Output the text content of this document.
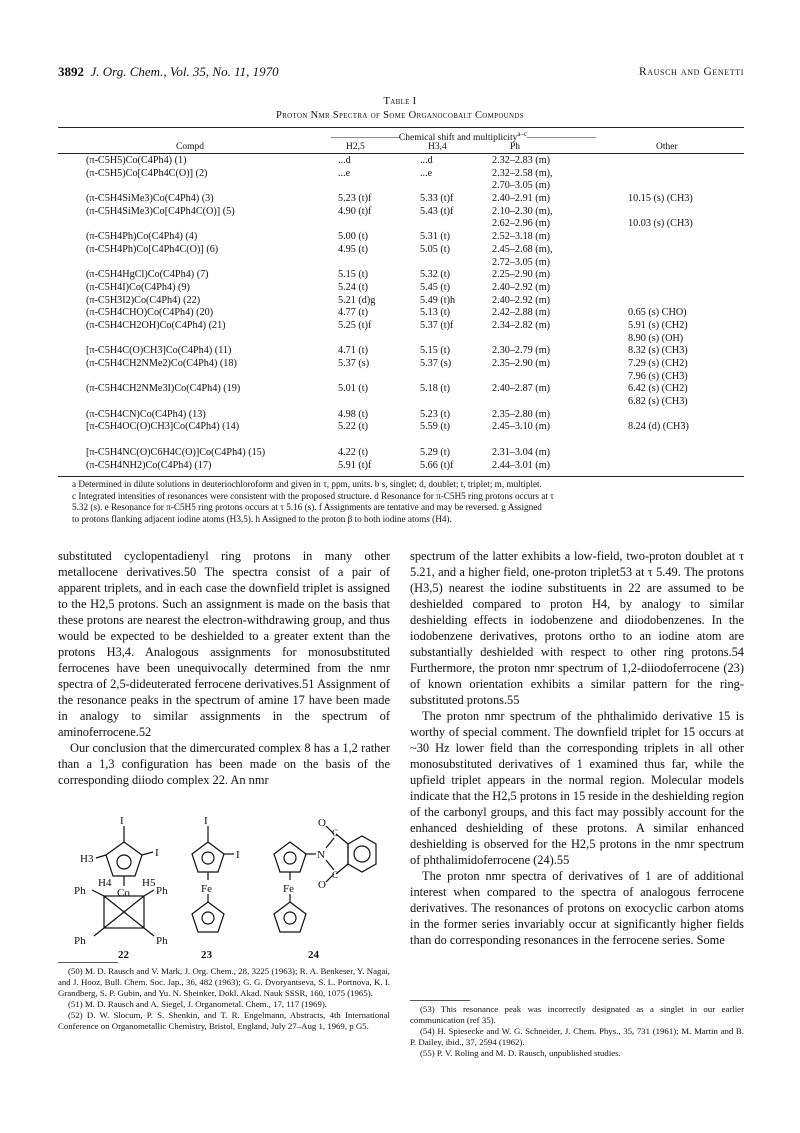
3892 J. Org. Chem., Vol. 35, No. 11, 1970	Rausch and Genetti
Table I
Proton Nmr Spectra of Some Organocobalt Compounds
————————Chemical shift and multiplicity$^{a-c}$————————
Compd	H2,5	H3,4	Ph	Other
(π-C5H5)Co(C4Ph4) (1)	...d	...d	2.32–2.83 (m)
(π-C5H5)Co[C4Ph4C(O)] (2)	...e	...e	2.32–2.58 (m),
2.70–3.05 (m)
(π-C5H4SiMe3)Co(C4Ph4) (3)	5.23 (t)f	5.33 (t)f	2.40–2.91 (m)	10.15 (s) (CH3)
(π-C5H4SiMe3)Co[C4Ph4C(O)] (5)	4.90 (t)f	5.43 (t)f	2.10–2.30 (m),
2.62–2.96 (m)	10.03 (s) (CH3)
(π-C5H4Ph)Co(C4Ph4) (4)	5.00 (t)	5.31 (t)	2.52–3.18 (m)
(π-C5H4Ph)Co[C4Ph4C(O)] (6)	4.95 (t)	5.05 (t)	2.45–2.68 (m),
2.72–3.05 (m)
(π-C5H4HgCl)Co(C4Ph4) (7)	5.15 (t)	5.32 (t)	2.25–2.90 (m)
(π-C5H4I)Co(C4Ph4) (9)	5.24 (t)	5.45 (t)	2.40–2.92 (m)
(π-C5H3I2)Co(C4Ph4) (22)	5.21 (d)g	5.49 (t)h	2.40–2.92 (m)
(π-C5H4CHO)Co(C4Ph4) (20)	4.77 (t)	5.13 (t)	2.42–2.88 (m)	0.65 (s) CHO)
(π-C5H4CH2OH)Co(C4Ph4) (21)	5.25 (t)f	5.37 (t)f	2.34–2.82 (m)	5.91 (s) (CH2)
8.90 (s) (OH)
[π-C5H4C(O)CH3]Co(C4Ph4) (11)	4.71 (t)	5.15 (t)	2.30–2.79 (m)	8.32 (s) (CH3)
(π-C5H4CH2NMe2)Co(C4Ph4) (18)	5.37 (s)	5.37 (s)	2.35–2.90 (m)	7.29 (s) (CH2)
7.96 (s) (CH3)
(π-C5H4CH2NMe3I)Co(C4Ph4) (19)	5.01 (t)	5.18 (t)	2.40–2.87 (m)	6.42 (s) (CH2)
6.82 (s) (CH3)
(π-C5H4CN)Co(C4Ph4) (13)	4.98 (t)	5.23 (t)	2.35–2.80 (m)
[π-C5H4OC(O)CH3]Co(C4Ph4) (14)	5.22 (t)	5.59 (t)	2.45–3.10 (m)	8.24 (d) (CH3)
[π-C5H4NC(O)C6H4C(O)]Co(C4Ph4) (15)	4.22 (t)	5.29 (t)	2.31–3.04 (m)
(π-C5H4NH2)Co(C4Ph4) (17)	5.91 (t)f	5.66 (t)f	2.44–3.01 (m)
a Determined in dilute solutions in deuteriochloroform and given in τ, ppm, units. b s, singlet; d, doublet; t, triplet; m, multiplet.
c Integrated intensities of resonances were consistent with the proposed structure. d Resonance for π-C5H5 ring protons occurs at τ
5.32 (s). e Resonance for π-C5H5 ring protons occurs at τ 5.16 (s). f Assignments are tentative and may be reversed. g Assigned
to protons flanking adjacent iodine atoms (H3,5). h Assigned to the proton β to both iodine atoms (H4).

substituted cyclopentadienyl ring protons in many other metallocene derivatives.50 The spectra consist of a pair of apparent triplets, and in each case the downfield triplet is assigned to the H2,5 protons. Such an assignment is made on the basis that these protons are nearest the electron-withdrawing group, and thus would be expected to be deshielded to a greater extent than the protons H3,4. Analogous assignments for monosubstituted ferrocenes have been unequivocally determined from the nmr spectra of 2,5-dideuterated ferrocene derivatives.51 Assignment of the resonance peaks in the spectrum of amine 17 have been made in analogy to similar assignments in the spectrum of aminoferrocene.52

Our conclusion that the dimercurated complex 8 has a 1,2 rather than a 1,3 configuration has been made on the basis of the corresponding diiodo complex 22. An nmr

I
I
H3
H4	H5
Co
Ph	Ph
Ph	Ph
22
I
I
Fe
23
N
C
C
O
O
Fe
24

(50) M. D. Rausch and V. Mark, J. Org. Chem., 28, 3225 (1963); R. A. Benkeser, Y. Nagai, and J. Hooz, Bull. Chem. Soc. Jap., 36, 482 (1963); G. G. Dvoryantseva, S. L. Portnova, K. I. Grandberg, S. P. Gubin, and Yu. N. Sheinker, Dokl. Akad. Nauk SSSR, 160, 1075 (1965).

(51) M. D. Rausch and A. Siegel, J. Organometal. Chem., 17, 117 (1969).

(52) D. W. Slocum, P. S. Shenkin, and T. R. Engelmann, Abstracts, 4th International Conference on Organometallic Chemistry, Bristol, England, July 27–Aug 1, 1969, p G5.

spectrum of the latter exhibits a low-field, two-proton doublet at τ 5.21, and a higher field, one-proton triplet53 at τ 5.49. The protons (H3,5) nearest the iodine substituents in 22 are assumed to be deshielded compared to proton H4, by analogy to similar deshielding effects in iodobenzene and diiodobenzenes. In the iodobenzene derivatives, protons ortho to an iodine atom are substantially deshielded with respect to other ring protons.54 Furthermore, the proton nmr spectrum of 1,2-diiodoferrocene (23) of known orientation exhibits a similar pattern for the ring-substituted protons.55

The proton nmr spectrum of the phthalimido derivative 15 is worthy of special comment. The downfield triplet for 15 occurs at ~30 Hz lower field than the corresponding triplets in all other monosubstituted derivatives of 1 examined thus far, while the upfield triplet appears in the normal region. Molecular models indicate that the H2,5 protons in 15 reside in the deshielding region of the carbonyl groups, and this fact may possibly account for the enhanced deshielding of these protons. A similar enhanced deshielding is observed for the H2,5 protons in the nmr spectrum of phthalimidoferrocene (24).55

The proton nmr spectra of derivatives of 1 are of additional interest when compared to the spectra of analogous ferrocene derivatives. The resonances of protons on exocyclic carbon atoms in the former series invariably occur at significantly higher fields than do corresponding resonances in the ferrocene series. Some

(53) This resonance peak was incorrectly designated as a singlet in our earlier communication (ref 35).

(54) H. Spiesecke and W. G. Schneider, J. Chem. Phys., 35, 731 (1961); M. Martin and B. P. Dailey, ibid., 37, 2594 (1962).

(55) P. V. Roling and M. D. Rausch, unpublished studies.
